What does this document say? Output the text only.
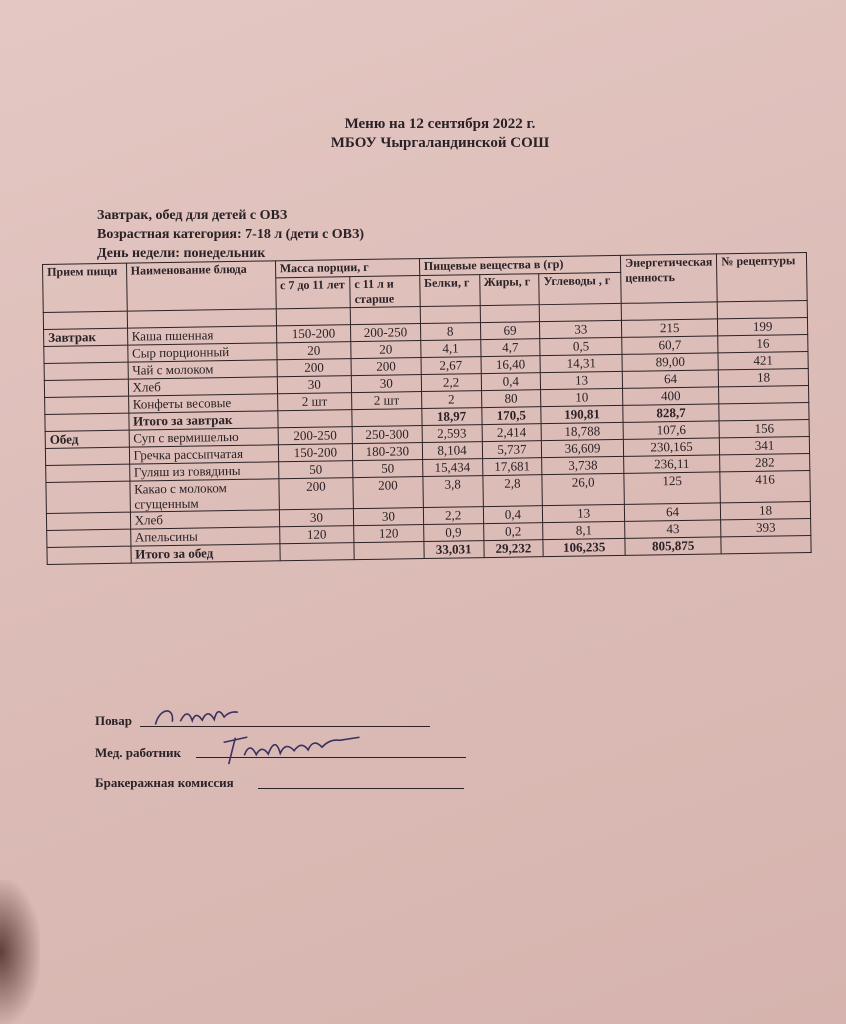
Меню на 12 сентября 2022 г.
МБОУ Чыргаландинской СОШ
Завтрак, обед для детей с ОВЗ
Возрастная категория: 7-18 л (дети с ОВЗ)
День недели: понедельник
Прием пищи	Наименование блюда	Масса порции, г		Пищевые вещества в (гр)			Энергетическая ценность	№ рецептуры
		с 7 до 11 лет	с 11 л и старше	Белки, г	Жиры, г	Углеводы , г		

Завтрак	Каша пшенная	150-200	200-250	8	69	33	215	199
	Сыр порционный	20	20	4,1	4,7	0,5	60,7	16
	Чай с молоком	200	200	2,67	16,40	14,31	89,00	421
	Хлеб	30	30	2,2	0,4	13	64	18
	Конфеты весовые	2 шт	2 шт	2	80	10	400	
	Итого за завтрак			18,97	170,5	190,81	828,7	
Обед	Суп с вермишелью	200-250	250-300	2,593	2,414	18,788	107,6	156
	Гречка рассыпчатая	150-200	180-230	8,104	5,737	36,609	230,165	341
	Гуляш из говядины	50	50	15,434	17,681	3,738	236,11	282
	Какао с молоком сгущенным	200	200	3,8	2,8	26,0	125	416
	Хлеб	30	30	2,2	0,4	13	64	18
	Апельсины	120	120	0,9	0,2	8,1	43	393
	Итого за обед			33,031	29,232	106,235	805,875	
Повар
Мед. работник
Бракеражная комиссия
